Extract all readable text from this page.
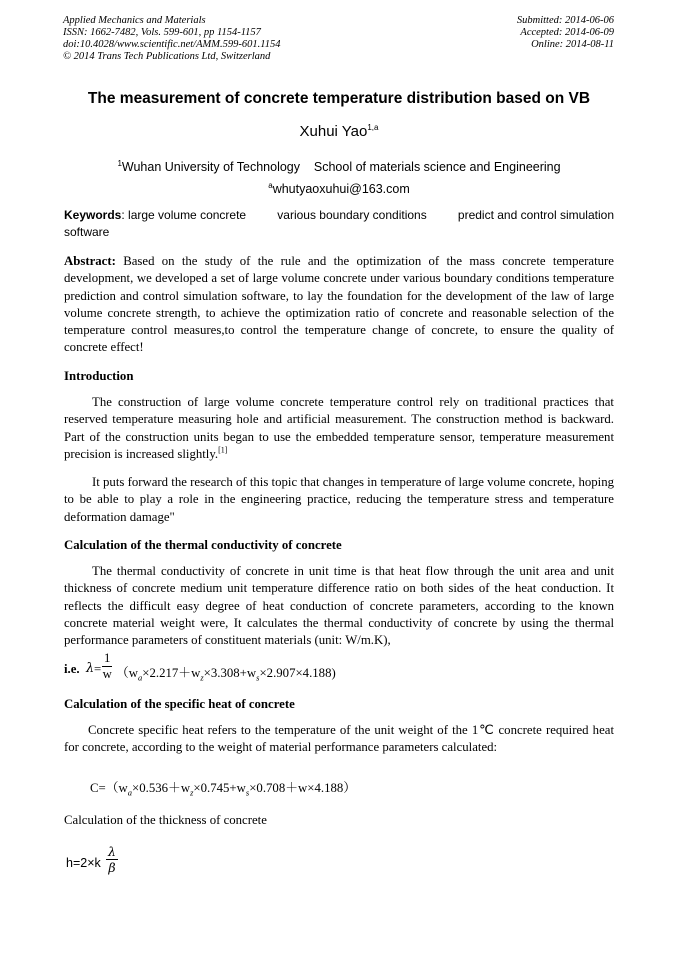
Applied Mechanics and Materials
ISSN: 1662-7482, Vols. 599-601, pp 1154-1157
doi:10.4028/www.scientific.net/AMM.599-601.1154
© 2014 Trans Tech Publications Ltd, Switzerland
Submitted: 2014-06-06
Accepted: 2014-06-09
Online: 2014-08-11
The measurement of concrete temperature distribution based on VB
Xuhui Yao$^{1,a}$
$^1$Wuhan University of Technology    School of materials science and Engineering
$^a$whutyaoxuhui@163.com
Keywords: large volume concrete	various boundary conditions	predict and control simulation
software
Abstract: Based on the study of the rule and the optimization of the mass concrete temperature development, we developed a set of large volume concrete under various boundary conditions temperature prediction and control simulation software, to lay the foundation for the development of the law of large volume concrete strength, to achieve the optimization ratio of concrete and reasonable selection of the temperature control measures,to control the temperature change of concrete, to ensure the quality of concrete effect!
Introduction
The construction of large volume concrete temperature control rely on traditional practices that reserved temperature measuring hole and artificial measurement. The construction method is backward. Part of the construction units began to use the embedded temperature sensor, temperature measurement precision is increased slightly.[1]
It puts forward the research of this topic that changes in temperature of large volume concrete, hoping to be able to play a role in the engineering practice, reducing the temperature stress and temperature deformation damage"
Calculation of the thermal conductivity of concrete
The thermal conductivity of concrete in unit time is that heat flow through the unit area and unit thickness of concrete medium unit temperature difference ratio on both sides of the heat conduction. It reflects the difficult easy degree of heat conduction of concrete parameters, according to the known concrete material weight were, It calculates the thermal conductivity of concrete by using the thermal performance parameters of constituent materials (unit: W/m.K),
i.e. $\lambda = \frac{1}{w} (w_a\times 2.217+w_z\times 3.308+w_s\times 2.907\times 4.188)$
Calculation of the specific heat of concrete
Concrete specific heat refers to the temperature of the unit weight of the 1℃ concrete required heat for concrete, according to the weight of material performance parameters calculated:
$C=(w_a\times 0.536+w_z\times 0.745+w_s\times 0.708+w\times 4.188)$
Calculation of the thickness of concrete
$h=2\times k \frac{\lambda}{\beta}$
